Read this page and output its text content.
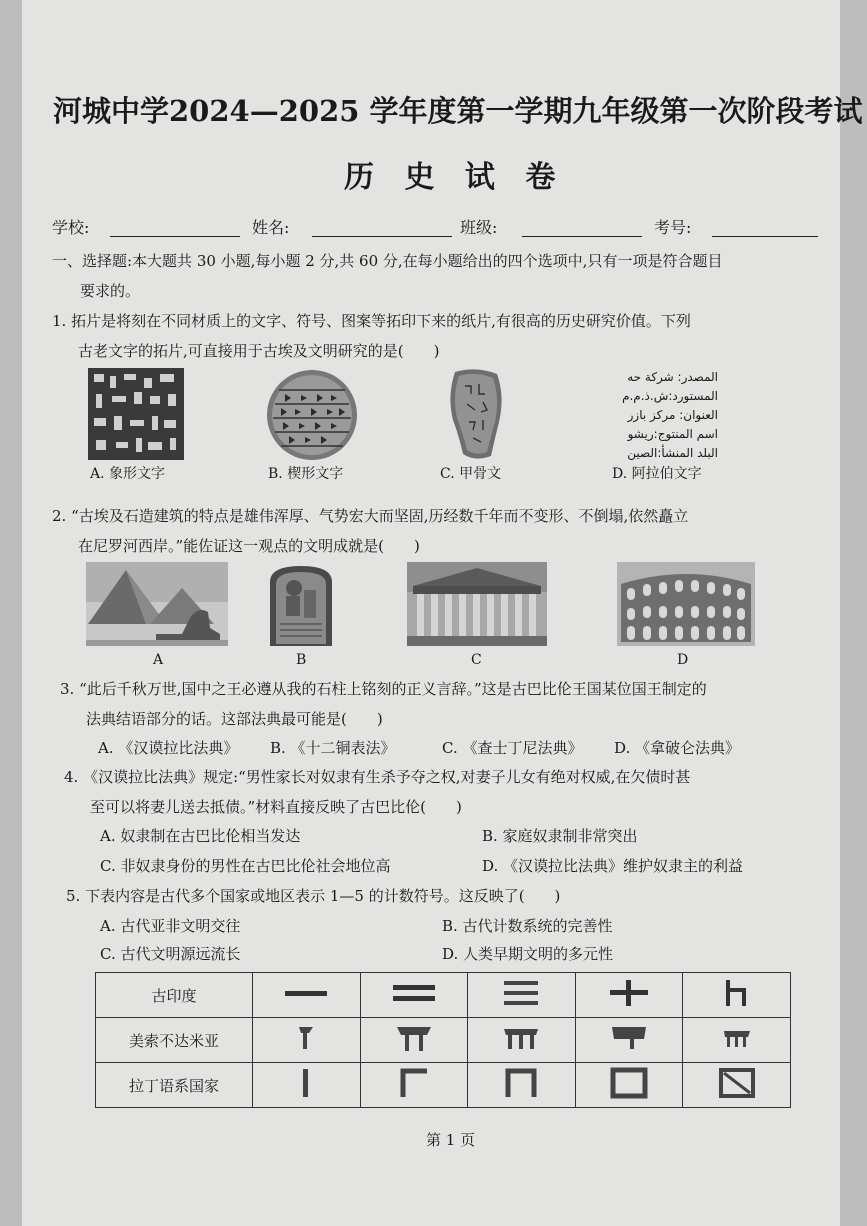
河城中学2024—2025 学年度第一学期九年级第一次阶段考试
历 史 试 卷
学校:	姓名:	班级:	考号:
一、选择题:本大题共 30 小题,每小题 2 分,共 60 分,在每小题给出的四个选项中,只有一项是符合题目
要求的。
1. 拓片是将刻在不同材质上的文字、符号、图案等拓印下来的纸片,有很高的历史研究价值。下列
古老文字的拓片,可直接用于古埃及文明研究的是(　　)
A. 象形文字	B. 楔形文字	C. 甲骨文
المصدر: شركة حه
المستورد:ش.ذ.م.م
العنوان: مركز بازر
اسم المنتوج:ريشو
البلد المنشأ:الصين
D. 阿拉伯文字
2. “古埃及石造建筑的特点是雄伟浑厚、气势宏大而坚固,历经数千年而不变形、不倒塌,依然矗立
在尼罗河西岸。”能佐证这一观点的文明成就是(　　)
A	B	C	D
3. “此后千秋万世,国中之王必遵从我的石柱上铭刻的正义言辞。”这是古巴比伦王国某位国王制定的
法典结语部分的话。这部法典最可能是(　　)
A. 《汉谟拉比法典》 B. 《十二铜表法》	C. 《查士丁尼法典》 D. 《拿破仑法典》
4. 《汉谟拉比法典》规定:“男性家长对奴隶有生杀予夺之权,对妻子儿女有绝对权威,在欠债时甚
至可以将妻儿送去抵债。”材料直接反映了古巴比伦(　　)
A. 奴隶制在古巴比伦相当发达	B. 家庭奴隶制非常突出
C. 非奴隶身份的男性在古巴比伦社会地位高	D. 《汉谟拉比法典》维护奴隶主的利益
5. 下表内容是古代多个国家或地区表示 1—5 的计数符号。这反映了(　　)
A. 古代亚非文明交往	B. 古代计数系统的完善性
C. 古代文明源远流长	D. 人类早期文明的多元性
古印度					
美索不达米亚					
拉丁语系国家					
第 1 页
